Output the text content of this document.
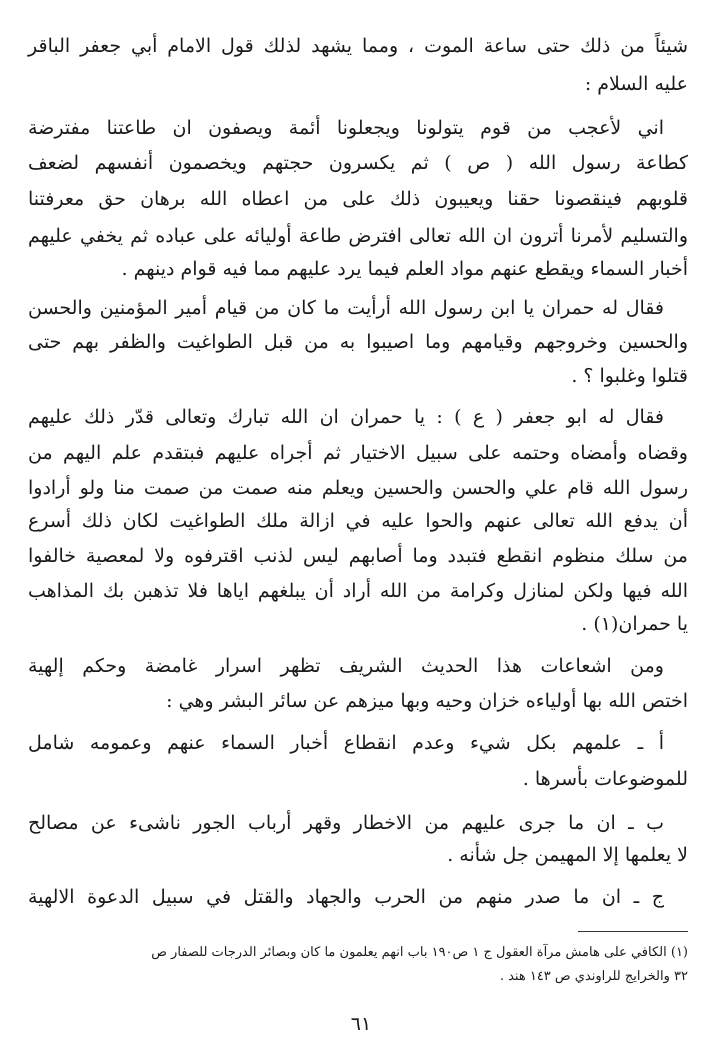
شيئاً من ذلك حتى ساعة الموت ، ومما يشهد لذلك قول الامام أبي جعفر الباقر
عليه السلام :
اني لأعجب من قوم يتولونا ويجعلونا أئمة ويصفون ان طاعتنا مفترضة
كطاعة رسول الله ( ص ) ثم يكسرون حجتهم ويخصمون أنفسهم لضعف
قلوبهم فينقصونا حقنا ويعيبون ذلك على من اعطاه الله برهان حق معرفتنا
والتسليم لأمرنا أترون ان الله تعالى افترض طاعة أوليائه على عباده ثم يخفي عليهم
أخبار السماء ويقطع عنهم مواد العلم فيما يرد عليهم مما فيه قوام دينهم .
فقال له حمران يا ابن رسول الله أرأيت ما كان من قيام أمير المؤمنين والحسن
والحسين وخروجهم وقيامهم وما اصيبوا به من قبل الطواغيت والظفر بهم حتى
قتلوا وغلبوا ؟ .
فقال له ابو جعفر ( ع ) : يا حمران ان الله تبارك وتعالى قدّر ذلك عليهم
وقضاه وأمضاه وحتمه على سبيل الاختيار ثم أجراه عليهم فبتقدم علم اليهم من
رسول الله قام علي والحسن والحسين ويعلم منه صمت من صمت منا ولو أرادوا
أن يدفع الله تعالى عنهم والحوا عليه في ازالة ملك الطواغيت لكان ذلك أسرع
من سلك منظوم انقطع فتبدد وما أصابهم ليس لذنب اقترفوه ولا لمعصية خالفوا
الله فيها ولكن لمنازل وكرامة من الله أراد أن يبلغهم اياها فلا تذهبن بك المذاهب
يا حمران(١) .
ومن اشعاعات هذا الحديث الشريف تظهر اسرار غامضة وحكم إلهية
اختص الله بها أولياءه خزان وحيه وبها ميزهم عن سائر البشر وهي :
أ ـ علمهم بكل شيء وعدم انقطاع أخبار السماء عنهم وعمومه شامل
للموضوعات بأسرها .
ب ـ ان ما جرى عليهم من الاخطار وقهر أرباب الجور ناشىء عن مصالح
لا يعلمها إلا المهيمن جل شأنه .
ج ـ ان ما صدر منهم من الحرب والجهاد والقتل في سبيل الدعوة الالهية
(١) الكافي على هامش مرآة العقول ج ١ ص١٩٠ باب انهم يعلمون ما كان وبصائر الدرجات للصفار ص
٣٢ والخرايج للراوندي ص ١٤٣ هند .
٦١
